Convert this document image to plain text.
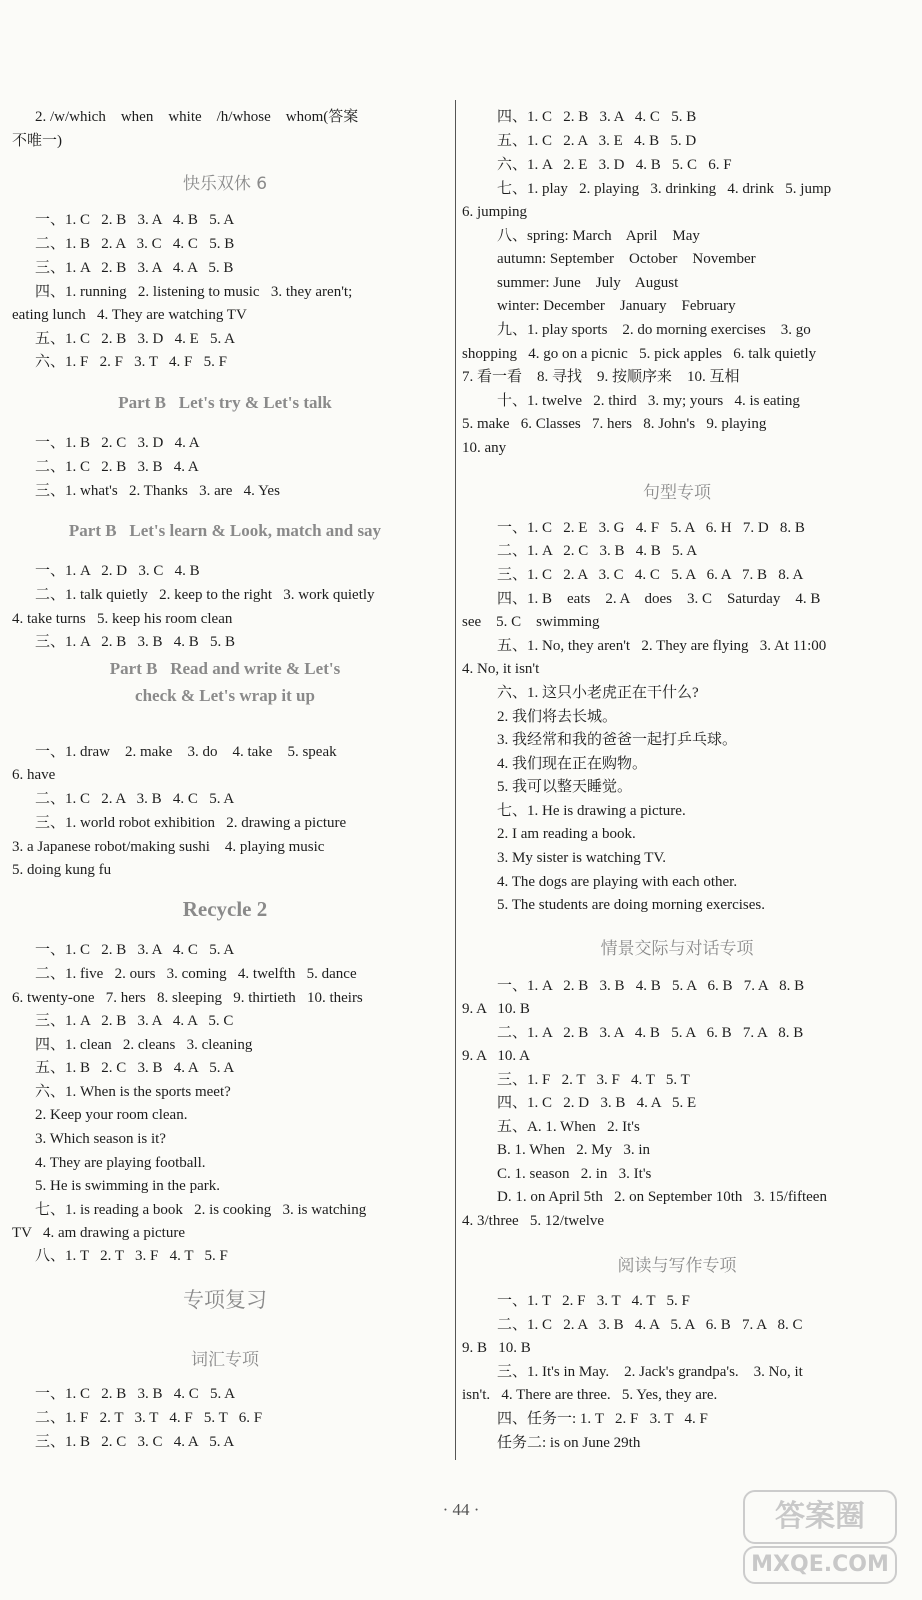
2. /w/which    when    white    /h/whose    whom(答案
不唯一)
快乐双休 6
一、1. C   2. B   3. A   4. B   5. A
二、1. B   2. A   3. C   4. C   5. B
三、1. A   2. B   3. A   4. A   5. B
四、1. running   2. listening to music   3. they aren't;
eating lunch   4. They are watching TV
五、1. C   2. B   3. D   4. E   5. A
六、1. F   2. F   3. T   4. F   5. F
Part B   Let's try & Let's talk
一、1. B   2. C   3. D   4. A
二、1. C   2. B   3. B   4. A
三、1. what's   2. Thanks   3. are   4. Yes
Part B   Let's learn & Look, match and say
一、1. A   2. D   3. C   4. B
二、1. talk quietly   2. keep to the right   3. work quietly
4. take turns   5. keep his room clean
三、1. A   2. B   3. B   4. B   5. B
Part B   Read and write & Let's
check & Let's wrap it up
一、1. draw    2. make    3. do    4. take    5. speak
6. have
二、1. C   2. A   3. B   4. C   5. A
三、1. world robot exhibition   2. drawing a picture
3. a Japanese robot/making sushi    4. playing music
5. doing kung fu
Recycle 2
一、1. C   2. B   3. A   4. C   5. A
二、1. five   2. ours   3. coming   4. twelfth   5. dance
6. twenty-one   7. hers   8. sleeping   9. thirtieth   10. theirs
三、1. A   2. B   3. A   4. A   5. C
四、1. clean   2. cleans   3. cleaning
五、1. B   2. C   3. B   4. A   5. A
六、1. When is the sports meet?
2. Keep your room clean.
3. Which season is it?
4. They are playing football.
5. He is swimming in the park.
七、1. is reading a book   2. is cooking   3. is watching
TV   4. am drawing a picture
八、1. T   2. T   3. F   4. T   5. F
专项复习
词汇专项
一、1. C   2. B   3. B   4. C   5. A
二、1. F   2. T   3. T   4. F   5. T   6. F
三、1. B   2. C   3. C   4. A   5. A
四、1. C   2. B   3. A   4. C   5. B
五、1. C   2. A   3. E   4. B   5. D
六、1. A   2. E   3. D   4. B   5. C   6. F
七、1. play   2. playing   3. drinking   4. drink   5. jump
6. jumping
八、spring: March    April    May
autumn: September    October    November
summer: June    July    August
winter: December    January    February
九、1. play sports    2. do morning exercises    3. go
shopping   4. go on a picnic   5. pick apples   6. talk quietly
7. 看一看    8. 寻找    9. 按顺序来    10. 互相
十、1. twelve   2. third   3. my; yours   4. is eating
5. make   6. Classes   7. hers   8. John's   9. playing
10. any
句型专项
一、1. C   2. E   3. G   4. F   5. A   6. H   7. D   8. B
二、1. A   2. C   3. B   4. B   5. A
三、1. C   2. A   3. C   4. C   5. A   6. A   7. B   8. A
四、1. B    eats    2. A    does    3. C    Saturday    4. B
see    5. C    swimming
五、1. No, they aren't   2. They are flying   3. At 11:00
4. No, it isn't
六、1. 这只小老虎正在干什么?
2. 我们将去长城。
3. 我经常和我的爸爸一起打乒乓球。
4. 我们现在正在购物。
5. 我可以整天睡觉。
七、1. He is drawing a picture.
2. I am reading a book.
3. My sister is watching TV.
4. The dogs are playing with each other.
5. The students are doing morning exercises.
情景交际与对话专项
一、1. A   2. B   3. B   4. B   5. A   6. B   7. A   8. B
9. A   10. B
二、1. A   2. B   3. A   4. B   5. A   6. B   7. A   8. B
9. A   10. A
三、1. F   2. T   3. F   4. T   5. T
四、1. C   2. D   3. B   4. A   5. E
五、A. 1. When   2. It's
B. 1. When   2. My   3. in
C. 1. season   2. in   3. It's
D. 1. on April 5th   2. on September 10th   3. 15/fifteen
4. 3/three   5. 12/twelve
阅读与写作专项
一、1. T   2. F   3. T   4. T   5. F
二、1. C   2. A   3. B   4. A   5. A   6. B   7. A   8. C
9. B   10. B
三、1. It's in May.    2. Jack's grandpa's.    3. No, it
isn't.   4. There are three.   5. Yes, they are.
四、任务一: 1. T   2. F   3. T   4. F
任务二: is on June 29th
· 44 ·	答案圈
MXQE.COM
